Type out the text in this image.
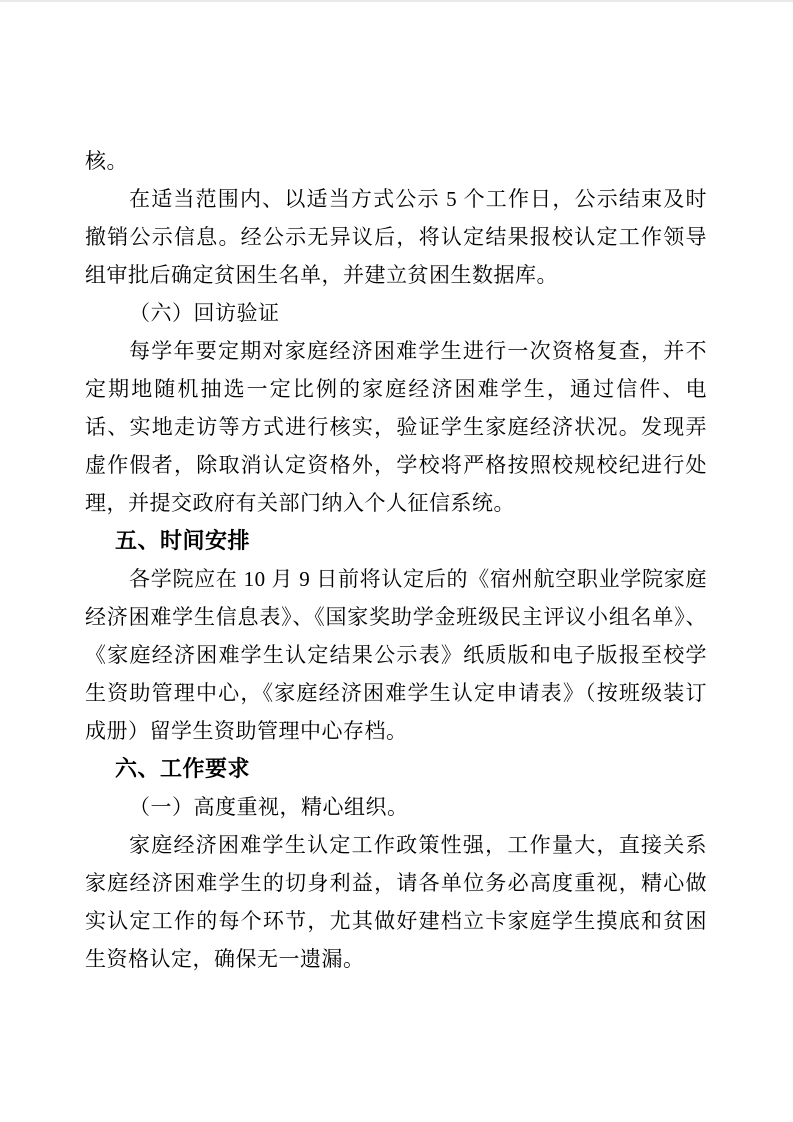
核。

在适当范围内、以适当方式公示 5 个工作日，公示结束及时撤销公示信息。经公示无异议后，将认定结果报校认定工作领导组审批后确定贫困生名单，并建立贫困生数据库。

（六）回访验证

每学年要定期对家庭经济困难学生进行一次资格复查，并不定期地随机抽选一定比例的家庭经济困难学生，通过信件、电话、实地走访等方式进行核实，验证学生家庭经济状况。发现弄虚作假者，除取消认定资格外，学校将严格按照校规校纪进行处理，并提交政府有关部门纳入个人征信系统。

五、时间安排

各学院应在 10 月 9 日前将认定后的《宿州航空职业学院家庭经济困难学生信息表》、《国家奖助学金班级民主评议小组名单》、《家庭经济困难学生认定结果公示表》纸质版和电子版报至校学生资助管理中心，《家庭经济困难学生认定申请表》（按班级装订成册）留学生资助管理中心存档。

六、工作要求

（一）高度重视，精心组织。

家庭经济困难学生认定工作政策性强，工作量大，直接关系家庭经济困难学生的切身利益，请各单位务必高度重视，精心做实认定工作的每个环节，尤其做好建档立卡家庭学生摸底和贫困生资格认定，确保无一遗漏。
